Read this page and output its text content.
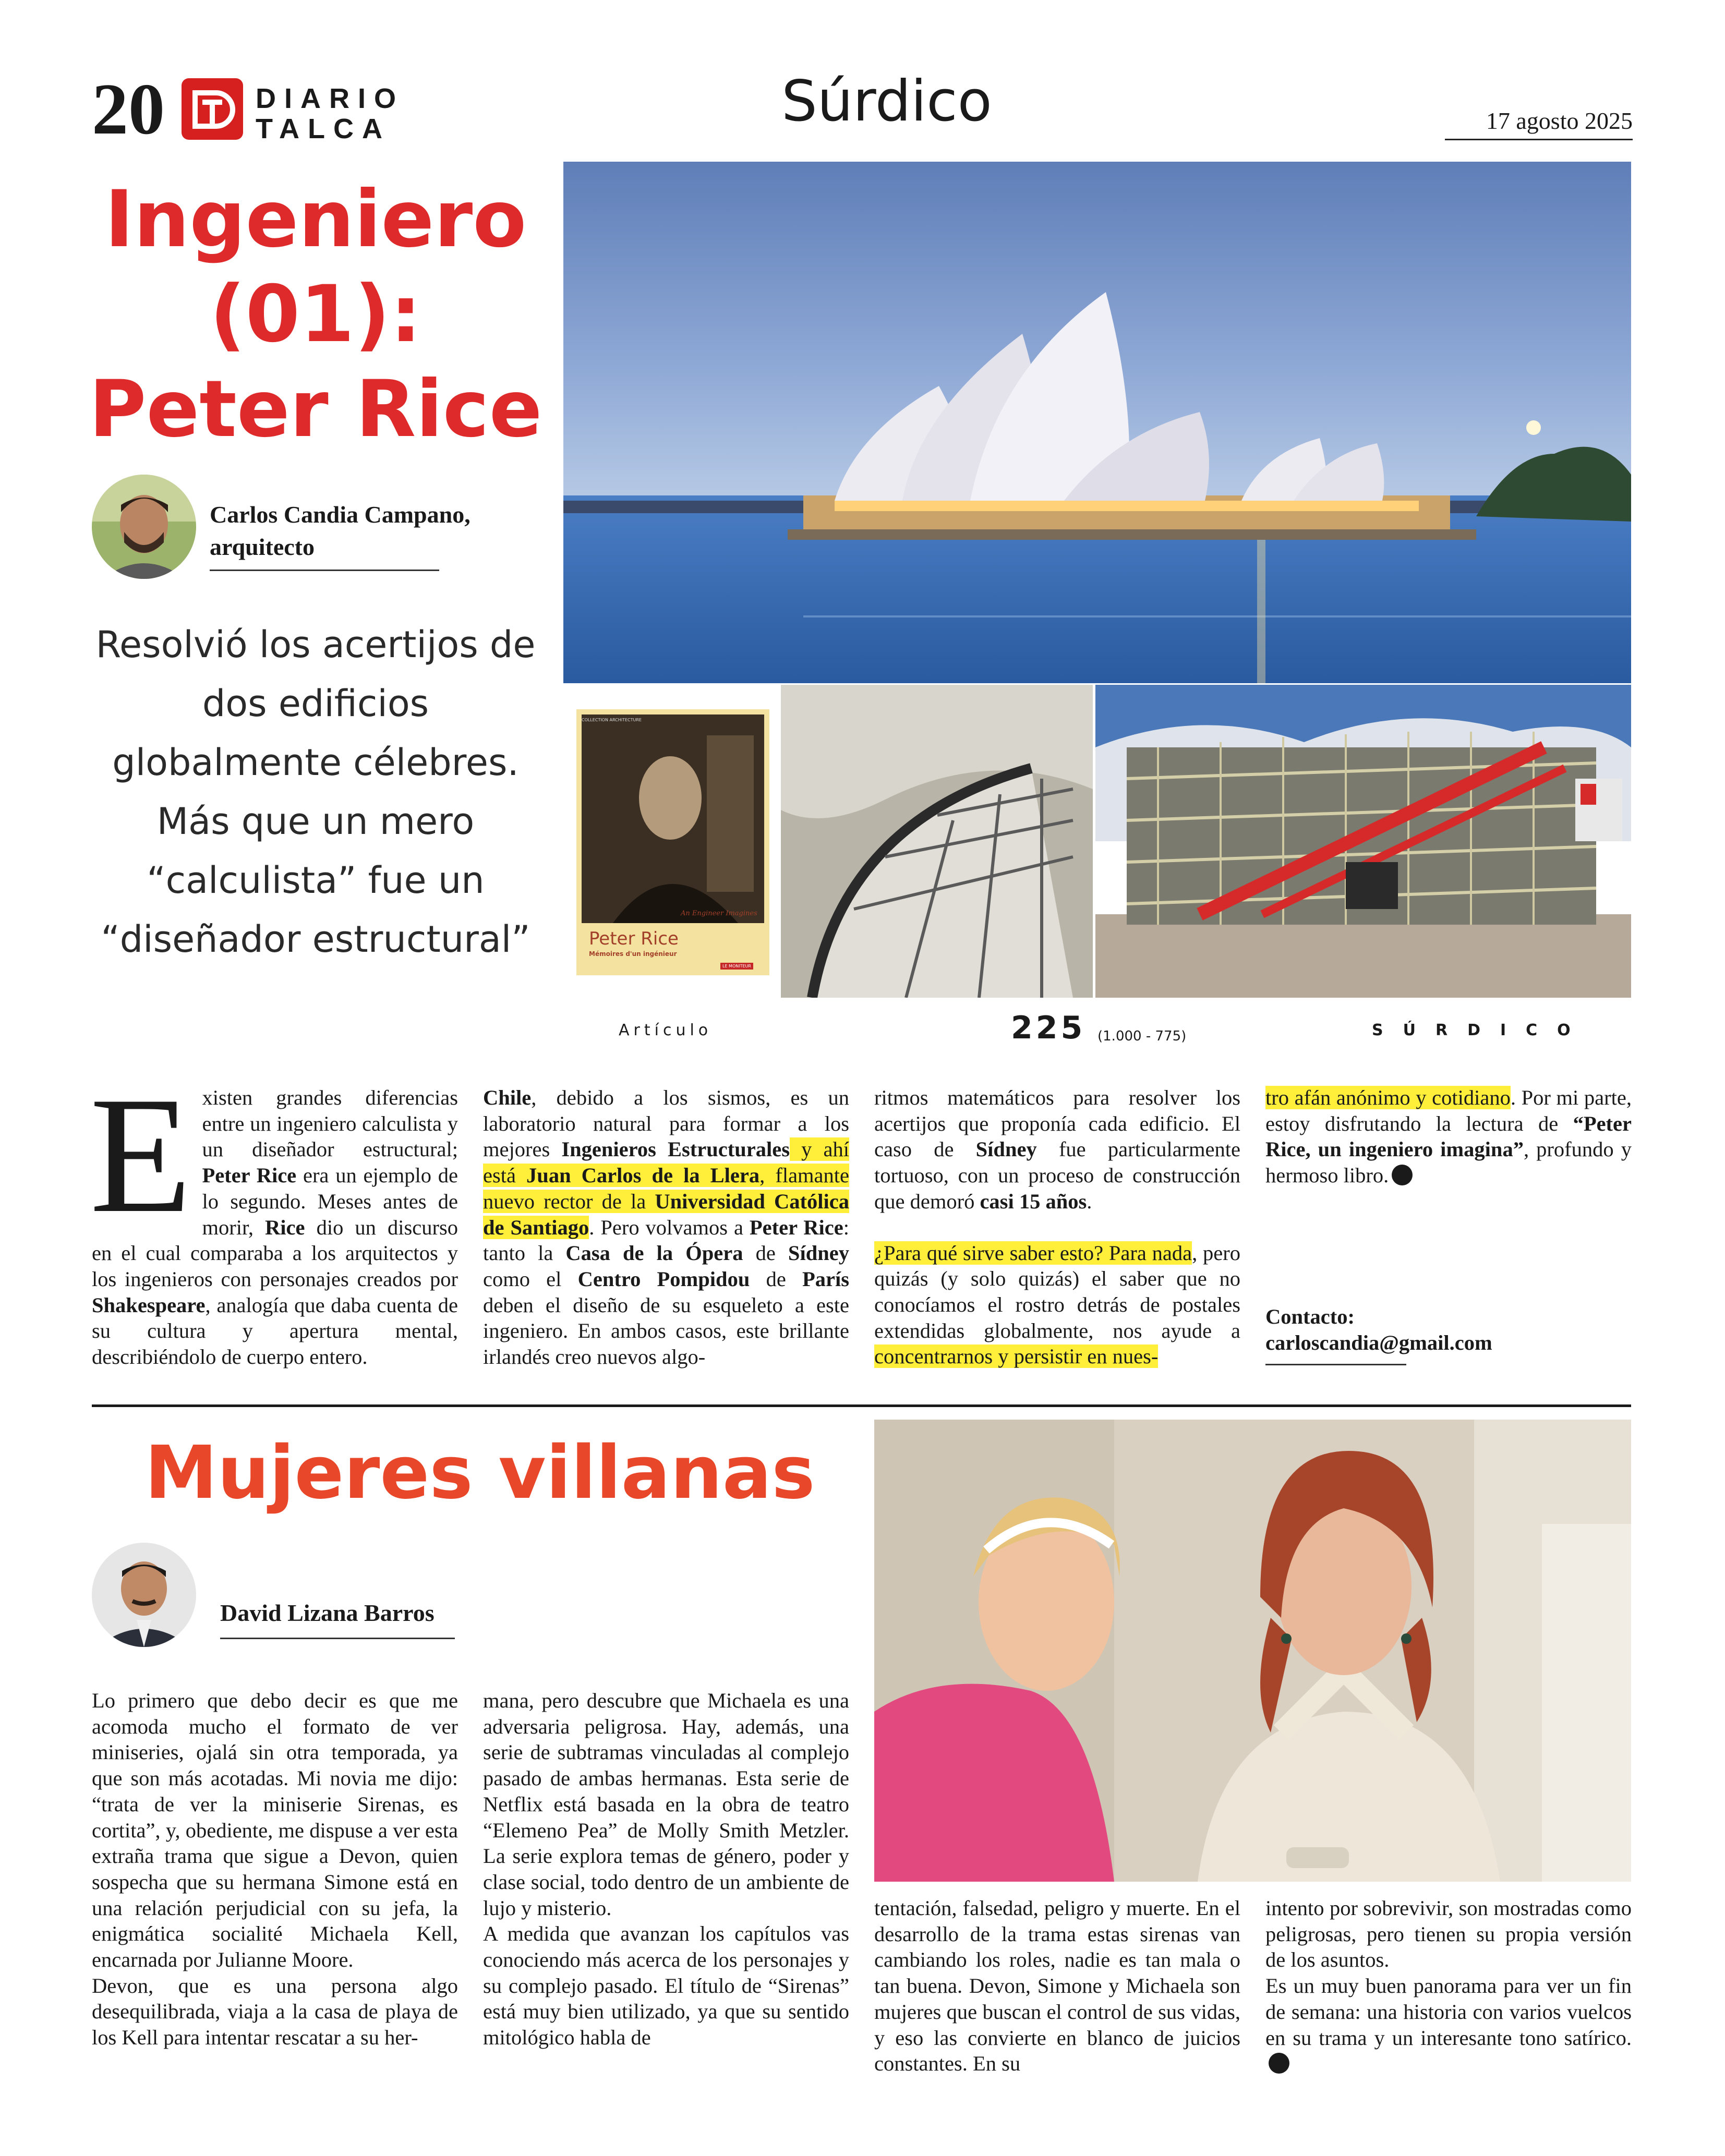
20	DIARIO
TALCA	Súrdico	17 agosto 2025
Ingeniero (01): Peter Rice
Carlos Candia Campano,
arquitecto
Resolvió los acertijos de dos edificios globalmente célebres. Más que un mero “calculista” fue un “diseñador estructural”
COLLECTION ARCHITECTURE
An Engineer Imagines
Peter Rice
Mémoires d'un ingénieur
LE MONITEUR
Artículo	225 (1.000 - 775)	SÚRDICO
Existen grandes diferencias entre un ingeniero calculista y un diseñador estructural; Peter Rice era un ejemplo de lo segundo. Meses antes de morir, Rice dio un discurso en el cual comparaba a los arquitectos y los ingenieros con personajes creados por Shakespeare, analogía que daba cuenta de su cultura y apertura mental, describiéndolo de cuerpo entero.
Chile, debido a los sismos, es un laboratorio natural para formar a los mejores Ingenieros Estructurales y ahí está Juan Carlos de la Llera, flamante nuevo rector de la Universidad Católica de Santiago. Pero volvamos a Peter Rice: tanto la Casa de la Ópera de Sídney como el Centro Pompidou de París deben el diseño de su esqueleto a este ingeniero. En ambos casos, este brillante irlandés creo nuevos algo-

ritmos matemáticos para resolver los acertijos que proponía cada edificio. El caso de Sídney fue particularmente tortuoso, con un proceso de construcción que demoró casi 15 años.

¿Para qué sirve saber esto? Para nada, pero quizás (y solo quizás) el saber que no conocíamos el rostro detrás de postales extendidas globalmente, nos ayude a concentrarnos y persistir en nues-

tro afán anónimo y cotidiano. Por mi parte, estoy disfrutando la lectura de “Peter Rice, un ingeniero imagina”, profundo y hermoso libro.

Contacto:
carloscandia@gmail.com
Mujeres villanas
David Lizana Barros

Lo primero que debo decir es que me acomoda mucho el formato de ver miniseries, ojalá sin otra temporada, ya que son más acotadas. Mi novia me dijo: “trata de ver la miniserie Sirenas, es cortita”, y, obediente, me dispuse a ver esta extraña trama que sigue a Devon, quien sospecha que su hermana Simone está en una relación perjudicial con su jefa, la enigmática socialité Michaela Kell, encarnada por Julianne Moore.

Devon, que es una persona algo desequilibrada, viaja a la casa de playa de los Kell para intentar rescatar a su her-

mana, pero descubre que Michaela es una adversaria peligrosa. Hay, además, una serie de subtramas vinculadas al complejo pasado de ambas hermanas. Esta serie de Netflix está basada en la obra de teatro “Elemeno Pea” de Molly Smith Metzler. La serie explora temas de género, poder y clase social, todo dentro de un ambiente de lujo y misterio.

A medida que avanzan los capítulos vas conociendo más acerca de los personajes y su complejo pasado. El título de “Sirenas” está muy bien utilizado, ya que su sentido mitológico habla de

tentación, falsedad, peligro y muerte. En el desarrollo de la trama estas sirenas van cambiando los roles, nadie es tan mala o tan buena. Devon, Simone y Michaela son mujeres que buscan el control de sus vidas, y eso las convierte en blanco de juicios constantes. En su

intento por sobrevivir, son mostradas como peligrosas, pero tienen su propia versión de los asuntos.

Es un muy buen panorama para ver un fin de semana: una historia con varios vuelcos en su trama y un interesante tono satírico.
